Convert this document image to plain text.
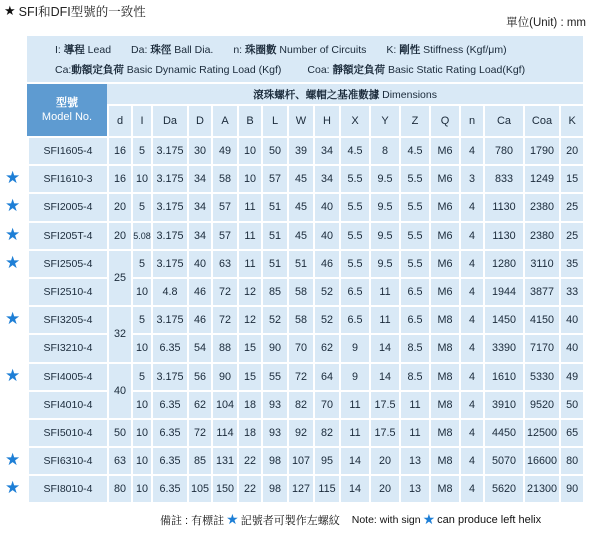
★ SFI和DFI型號的一致性
單位(Unit) : mm
I: 導程 Lead Da: 珠徑 Ball Dia. n: 珠圈數 Number of Circuits K: 剛性 Stiffness (Kgf/μm)
Ca:動額定負荷 Basic Dynamic Rating Load (Kgf) Coa: 靜額定負荷 Basic Static Rating Load(Kgf)
型號
Model No.	滾珠螺杆、螺帽之基准數據 Dimensions																
	d	I	Da	D	A	B	L	W	H	X	Y	Z	Q	n	Ca	Coa	K
SFI1605-4	16	5	3.175	30	49	10	50	39	34	4.5	8	4.5	M6	4	780	1790	20
SFI1610-3	16	10	3.175	34	58	10	57	45	34	5.5	9.5	5.5	M6	3	833	1249	15
SFI2005-4	20	5	3.175	34	57	11	51	45	40	5.5	9.5	5.5	M6	4	1130	2380	25
SFI205T-4	20	5.08	3.175	34	57	11	51	45	40	5.5	9.5	5.5	M6	4	1130	2380	25
SFI2505-4	25	5	3.175	40	63	11	51	51	46	5.5	9.5	5.5	M6	4	1280	3110	35
SFI2510-4		10	4.8	46	72	12	85	58	52	6.5	11	6.5	M6	4	1944	3877	33
SFI3205-4	32	5	3.175	46	72	12	52	58	52	6.5	11	6.5	M8	4	1450	4150	40
SFI3210-4		10	6.35	54	88	15	90	70	62	9	14	8.5	M8	4	3390	7170	40
SFI4005-4	40	5	3.175	56	90	15	55	72	64	9	14	8.5	M8	4	1610	5330	49
SFI4010-4		10	6.35	62	104	18	93	82	70	11	17.5	11	M8	4	3910	9520	50
SFI5010-4	50	10	6.35	72	114	18	93	92	82	11	17.5	11	M8	4	4450	12500	65
SFI6310-4	63	10	6.35	85	131	22	98	107	95	14	20	13	M8	4	5070	16600	80
SFI8010-4	80	10	6.35	105	150	22	98	127	115	14	20	13	M8	4	5620	21300	90
★
★
★
★
★
★
★
★
備註 : 有標註 ★ 記號者可製作左螺紋 Note: with sign ★ can produce left helix
